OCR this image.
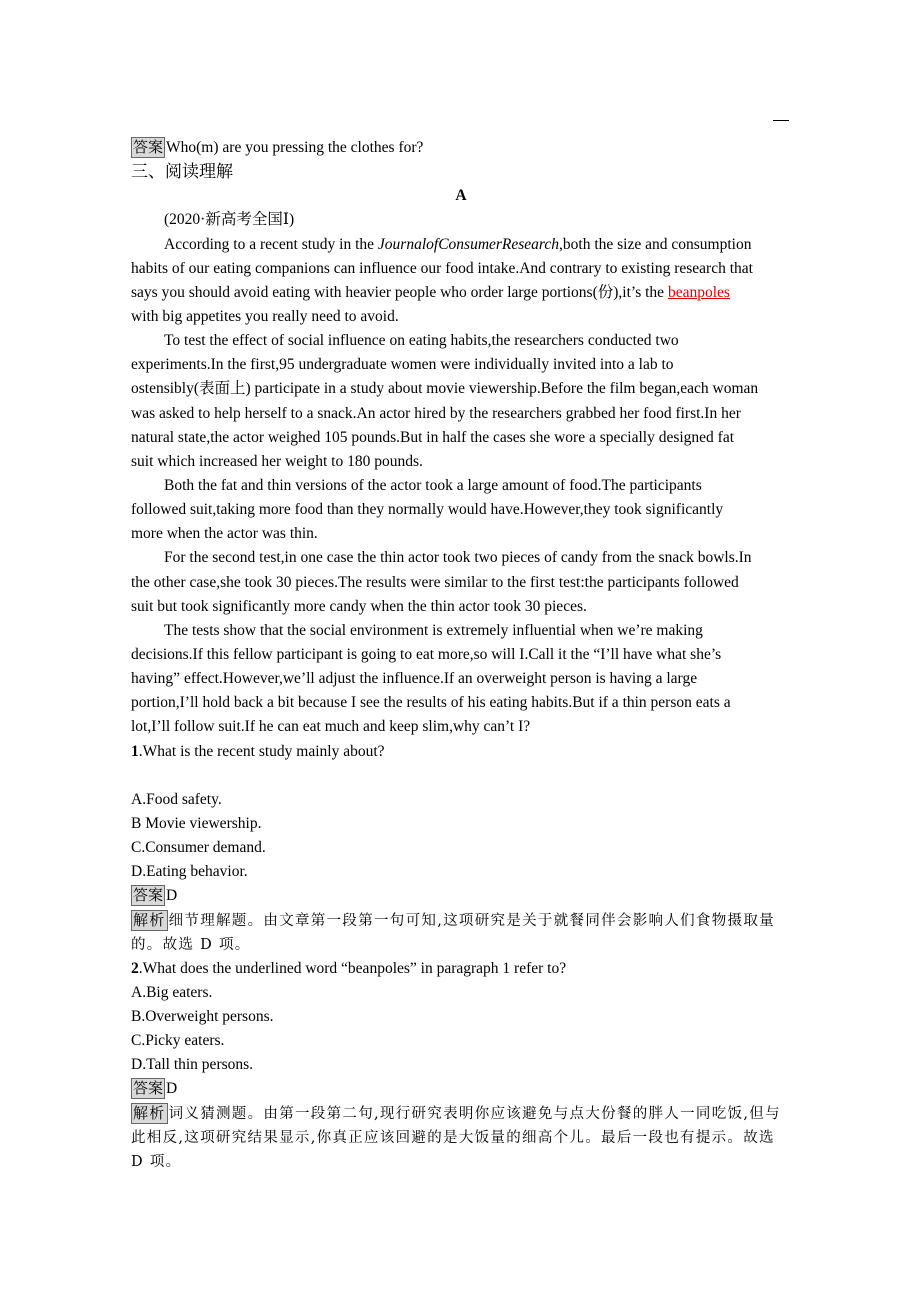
答案 Who(m) are you pressing the clothes for?
三、阅读理解
A
(2020·新高考全国Ⅰ)
According to a recent study in the JournalofConsumerResearch,both the size and consumption
habits of our eating companions can influence our food intake.And contrary to existing research that
says you should avoid eating with heavier people who order large portions(份),it’s the beanpoles
with big appetites you really need to avoid.
To test the effect of social influence on eating habits,the researchers conducted two
experiments.In the first,95 undergraduate women were individually invited into a lab to
ostensibly(表面上) participate in a study about movie viewership.Before the film began,each woman
was asked to help herself to a snack.An actor hired by the researchers grabbed her food first.In her
natural state,the actor weighed 105 pounds.But in half the cases she wore a specially designed fat
suit which increased her weight to 180 pounds.
Both the fat and thin versions of the actor took a large amount of food.The participants
followed suit,taking more food than they normally would have.However,they took significantly
more when the actor was thin.
For the second test,in one case the thin actor took two pieces of candy from the snack bowls.In
the other case,she took 30 pieces.The results were similar to the first test:the participants followed
suit but took significantly more candy when the thin actor took 30 pieces.
The tests show that the social environment is extremely influential when we’re making
decisions.If this fellow participant is going to eat more,so will I.Call it the “I’ll have what she’s
having” effect.However,we’ll adjust the influence.If an overweight person is having a large
portion,I’ll hold back a bit because I see the results of his eating habits.But if a thin person eats a
lot,I’ll follow suit.If he can eat much and keep slim,why can’t I?
1.What is the recent study mainly about?
A.Food safety.
B Movie viewership.
C.Consumer demand.
D.Eating behavior.
答案 D
解析 细节理解题。由文章第一段第一句可知,这项研究是关于就餐同伴会影响人们食物摄取量
的。故选 D 项。
2.What does the underlined word “beanpoles” in paragraph 1 refer to?
A.Big eaters.
B.Overweight persons.
C.Picky eaters.
D.Tall thin persons.
答案 D
解析 词义猜测题。由第一段第二句,现行研究表明你应该避免与点大份餐的胖人一同吃饭,但与
此相反,这项研究结果显示,你真正应该回避的是大饭量的细高个儿。最后一段也有提示。故选
D 项。
